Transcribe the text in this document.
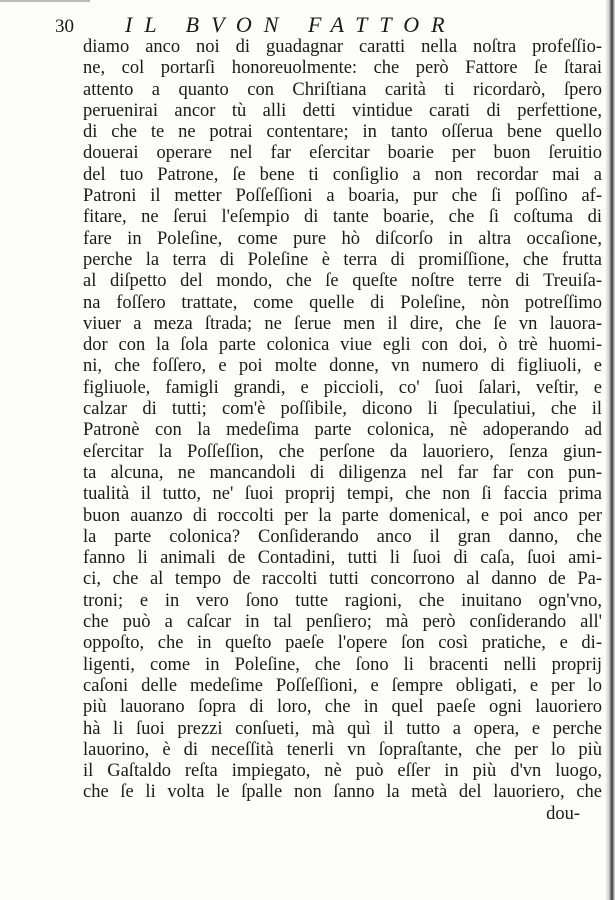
30 IL BVON FATTOR
diamo anco noi di guadagnar caratti nella noſtra profeſſio-
ne, col portarſi honoreuolmente: che però Fattore ſe ſtarai
attento a quanto con Chriſtiana carità ti ricordarò, ſpero
peruenirai ancor tù alli detti vintidue carati di perfettione,
di che te ne potrai contentare; in tanto oſſerua bene quello
douerai operare nel far eſercitar boarie per buon ſeruitio
del tuo Patrone, ſe bene ti conſiglio a non recordar mai a
Patroni il metter Poſſeſſioni a boaria, pur che ſi poſſino af-
fitare, ne ſerui l'eſempio di tante boarie, che ſi coſtuma di
fare in Poleſine, come pure hò diſcorſo in altra occaſione,
perche la terra di Poleſine è terra di promiſſione, che frutta
al diſpetto del mondo, che ſe queſte noſtre terre di Treuiſa-
na foſſero trattate, come quelle di Poleſine, nòn potreſſimo
viuer a meza ſtrada; ne ſerue men il dire, che ſe vn lauora-
dor con la ſola parte colonica viue egli con doi, ò trè huomi-
ni, che foſſero, e poi molte donne, vn numero di figliuoli, e
figliuole, famigli grandi, e piccioli, co' ſuoi ſalari, veſtir, e
calzar di tutti; com'è poſſibile, dicono li ſpeculatiui, che il
Patronè con la medeſima parte colonica, nè adoperando ad
eſercitar la Poſſeſſion, che perſone da lauoriero, ſenza giun-
ta alcuna, ne mancandoli di diligenza nel far far con pun-
tualità il tutto, ne' ſuoi proprij tempi, che non ſi faccia prima
buon auanzo di roccolti per la parte domenical, e poi anco per
la parte colonica? Conſiderando anco il gran danno, che
fanno li animali de Contadini, tutti li ſuoi di caſa, ſuoi ami-
ci, che al tempo de raccolti tutti concorrono al danno de Pa-
troni; e in vero ſono tutte ragioni, che inuitano ogn'vno,
che può a caſcar in tal penſiero; mà però conſiderando all'
oppoſto, che in queſto paeſe l'opere ſon così pratiche, e di-
ligenti, come in Poleſine, che ſono li bracenti nelli proprij
caſoni delle medeſime Poſſeſſioni, e ſempre obligati, e per lo
più lauorano ſopra di loro, che in quel paeſe ogni lauoriero
hà li ſuoi prezzi conſueti, mà quì il tutto a opera, e perche
lauorino, è di neceſſità tenerli vn ſopraſtante, che per lo più
il Gaſtaldo reſta impiegato, nè può eſſer in più d'vn luogo,
che ſe li volta le ſpalle non ſanno la metà del lauoriero, che
dou-
